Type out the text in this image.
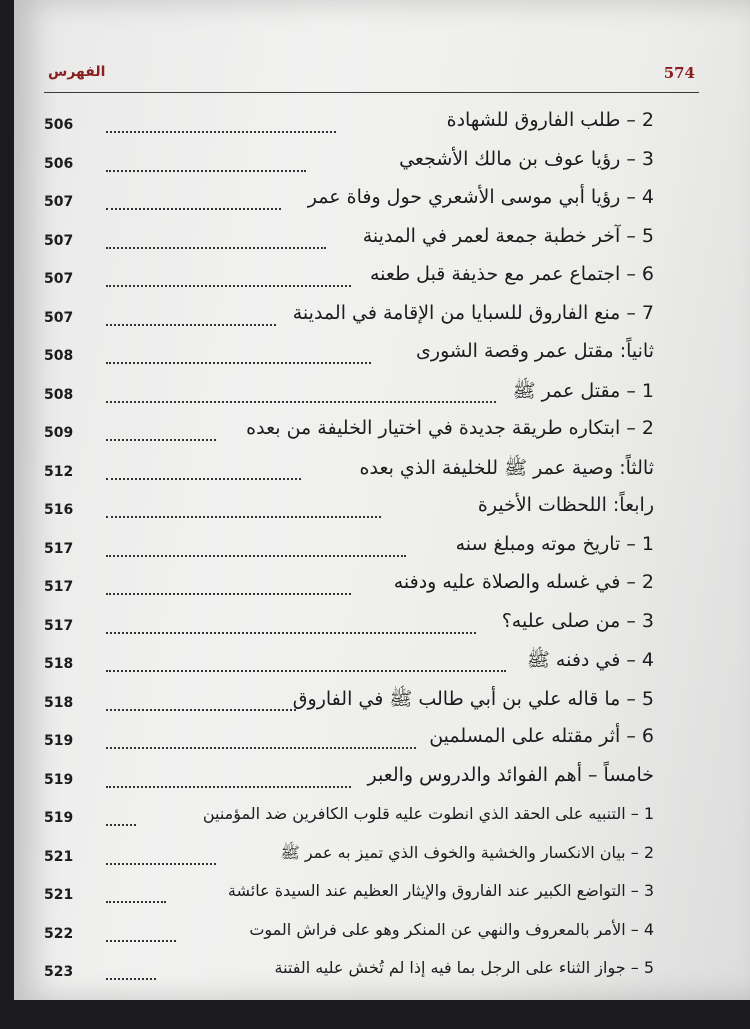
574
الفهرس
2 – طلب الفاروق للشهادة
506
3 – رؤيا عوف بن مالك الأشجعي
506
4 – رؤيا أبي موسى الأشعري حول وفاة عمر
507
5 – آخر خطبة جمعة لعمر في المدينة
507
6 – اجتماع عمر مع حذيفة قبل طعنه
507
7 – منع الفاروق للسبايا من الإقامة في المدينة
507
ثانياً: مقتل عمر وقصة الشورى
508
1 – مقتل عمر ﷺ
508
2 – ابتكاره طريقة جديدة في اختيار الخليفة من بعده
509
ثالثاً: وصية عمر ﷺ للخليفة الذي بعده
512
رابعاً: اللحظات الأخيرة
516
1 – تاريخ موته ومبلغ سنه
517
2 – في غسله والصلاة عليه ودفنه
517
3 – من صلى عليه؟
517
4 – في دفنه ﷺ
518
5 – ما قاله علي بن أبي طالب ﷺ في الفاروق
518
6 – أثر مقتله على المسلمين
519
خامساً – أهم الفوائد والدروس والعبر
519
1 – التنبيه على الحقد الذي انطوت عليه قلوب الكافرين ضد المؤمنين
519
2 – بيان الانكسار والخشية والخوف الذي تميز به عمر ﷺ
521
3 – التواضع الكبير عند الفاروق والإيثار العظيم عند السيدة عائشة
521
4 – الأمر بالمعروف والنهي عن المنكر وهو على فراش الموت
522
5 – جواز الثناء على الرجل بما فيه إذا لم تُخش عليه الفتنة
523
523
